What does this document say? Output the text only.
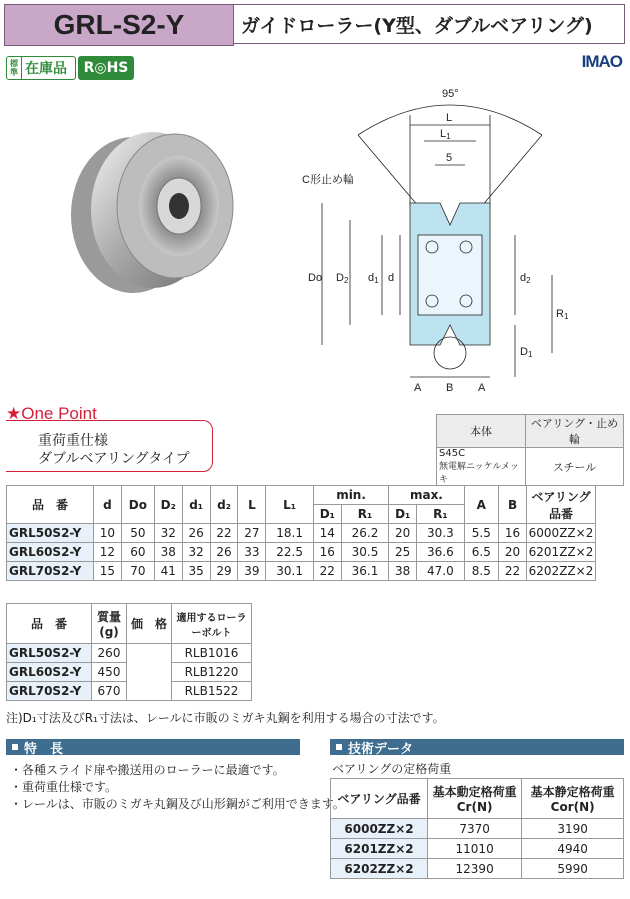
GRL-S2-Y	ガイドローラー(Y型、ダブルベアリング)
標準 在庫品	R◎HS	IMAO
95°
L
L1
5
C形止め輪
Do D2 d1 d	d2
R1
D1
A B A
本体	ベアリング・止め輪

S45C
無電解ニッケルメッキ	スチール
★One Point
重荷重仕様
ダブルベアリングタイプ
品　番	d	Do	D₂	d₁	d₂	L	L₁	min.		max.		A	B	ベアリング品番
								D₁	R₁	D₁	R₁			
GRL50S2-Y	10	50	32	26	22	27	18.1	14	26.2	20	30.3	5.5	16	6000ZZ×2
GRL60S2-Y	12	60	38	32	26	33	22.5	16	30.5	25	36.6	6.5	20	6201ZZ×2
GRL70S2-Y	15	70	41	35	29	39	30.1	22	36.1	38	47.0	8.5	22	6202ZZ×2
品　番	質量(g)	価　格	適用するローラーボルト
GRL50S2-Y	260		RLB1016
GRL60S2-Y	450		RLB1220
GRL70S2-Y	670		RLB1522
注)D₁寸法及びR₁寸法は、レールに市販のミガキ丸鋼を利用する場合の寸法です。
特　長
・各種スライド扉や搬送用のローラーに最適です。
・重荷重仕様です。
・レールは、市販のミガキ丸鋼及び山形鋼がご利用できます。
技術データ
ベアリングの定格荷重
ベアリング品番	基本動定格荷重Cr(N)	基本静定格荷重Cor(N)
6000ZZ×2	7370	3190
6201ZZ×2	11010	4940
6202ZZ×2	12390	5990
